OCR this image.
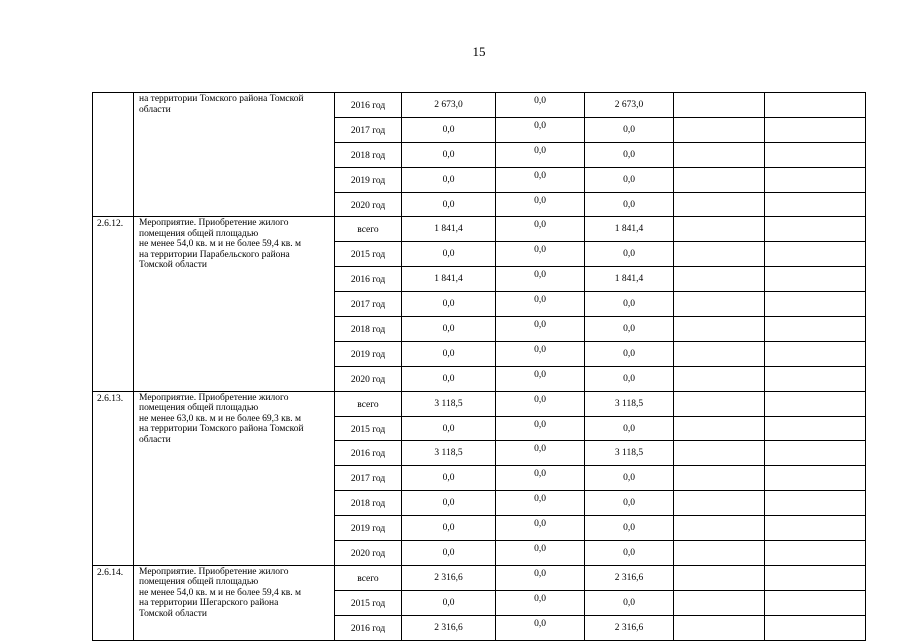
15

	на территории Томского района Томской
области	2016 год	2 673,0	0,0	2 673,0		
		2017 год	0,0	0,0	0,0		
		2018 год	0,0	0,0	0,0		
		2019 год	0,0	0,0	0,0		
		2020 год	0,0	0,0	0,0		
2.6.12.	Мероприятие. Приобретение жилого
помещения общей площадью
не менее 54,0 кв. м и не более 59,4 кв. м
на территории Парабельского района
Томской области	всего	1 841,4	0,0	1 841,4		
		2015 год	0,0	0,0	0,0		
		2016 год	1 841,4	0,0	1 841,4		
		2017 год	0,0	0,0	0,0		
		2018 год	0,0	0,0	0,0		
		2019 год	0,0	0,0	0,0		
		2020 год	0,0	0,0	0,0		
2.6.13.	Мероприятие. Приобретение жилого
помещения общей площадью
не менее 63,0 кв. м и не более 69,3 кв. м
на территории Томского района Томской
области	всего	3 118,5	0,0	3 118,5		
		2015 год	0,0	0,0	0,0		
		2016 год	3 118,5	0,0	3 118,5		
		2017 год	0,0	0,0	0,0		
		2018 год	0,0	0,0	0,0		
		2019 год	0,0	0,0	0,0		
		2020 год	0,0	0,0	0,0		
2.6.14.	Мероприятие. Приобретение жилого
помещения общей площадью
не менее 54,0 кв. м и не более 59,4 кв. м
на территории Шегарского района
Томской области	всего	2 316,6	0,0	2 316,6		
		2015 год	0,0	0,0	0,0		
		2016 год	2 316,6	0,0	2 316,6		
